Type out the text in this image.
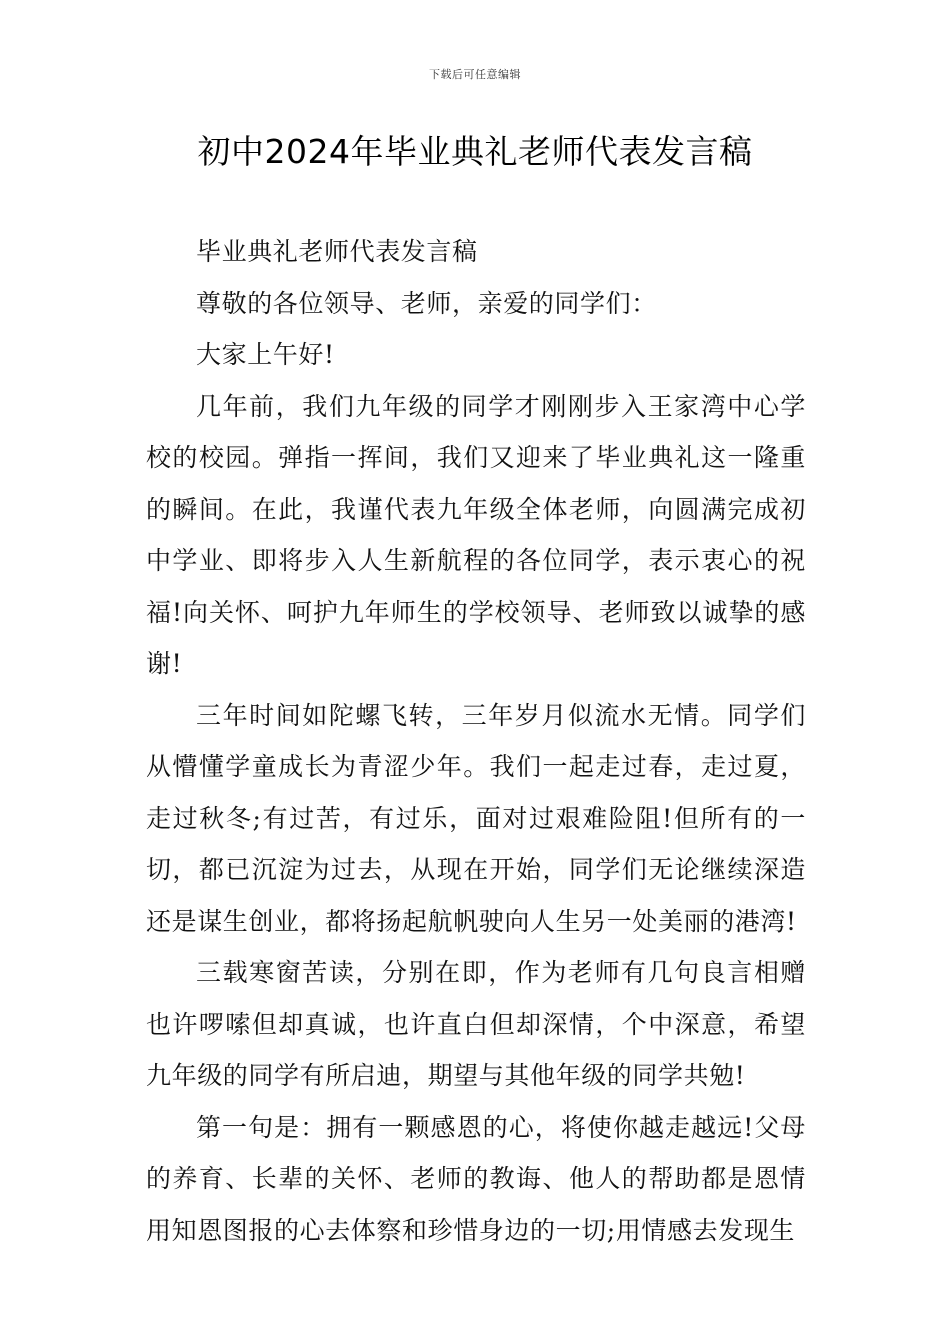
下载后可任意编辑
初中2024年毕业典礼老师代表发言稿

毕业典礼老师代表发言稿

尊敬的各位领导、老师，亲爱的同学们：

大家上午好!

几年前，我们九年级的同学才刚刚步入王家湾中心学校的校园。弹指一挥间，我们又迎来了毕业典礼这一隆重的瞬间。在此，我谨代表九年级全体老师，向圆满完成初中学业、即将步入人生新航程的各位同学，表示衷心的祝福!向关怀、呵护九年师生的学校领导、老师致以诚挚的感谢!

三年时间如陀螺飞转，三年岁月似流水无情。同学们从懵懂学童成长为青涩少年。我们一起走过春，走过夏，走过秋冬;有过苦，有过乐，面对过艰难险阻!但所有的一切，都已沉淀为过去，从现在开始，同学们无论继续深造还是谋生创业，都将扬起航帆驶向人生另一处美丽的港湾!

三载寒窗苦读，分别在即，作为老师有几句良言相赠也许啰嗦但却真诚，也许直白但却深情，个中深意，希望九年级的同学有所启迪，期望与其他年级的同学共勉!

第一句是：拥有一颗感恩的心，将使你越走越远!父母的养育、长辈的关怀、老师的教诲、他人的帮助都是恩情用知恩图报的心去体察和珍惜身边的一切;用情感去发现生
